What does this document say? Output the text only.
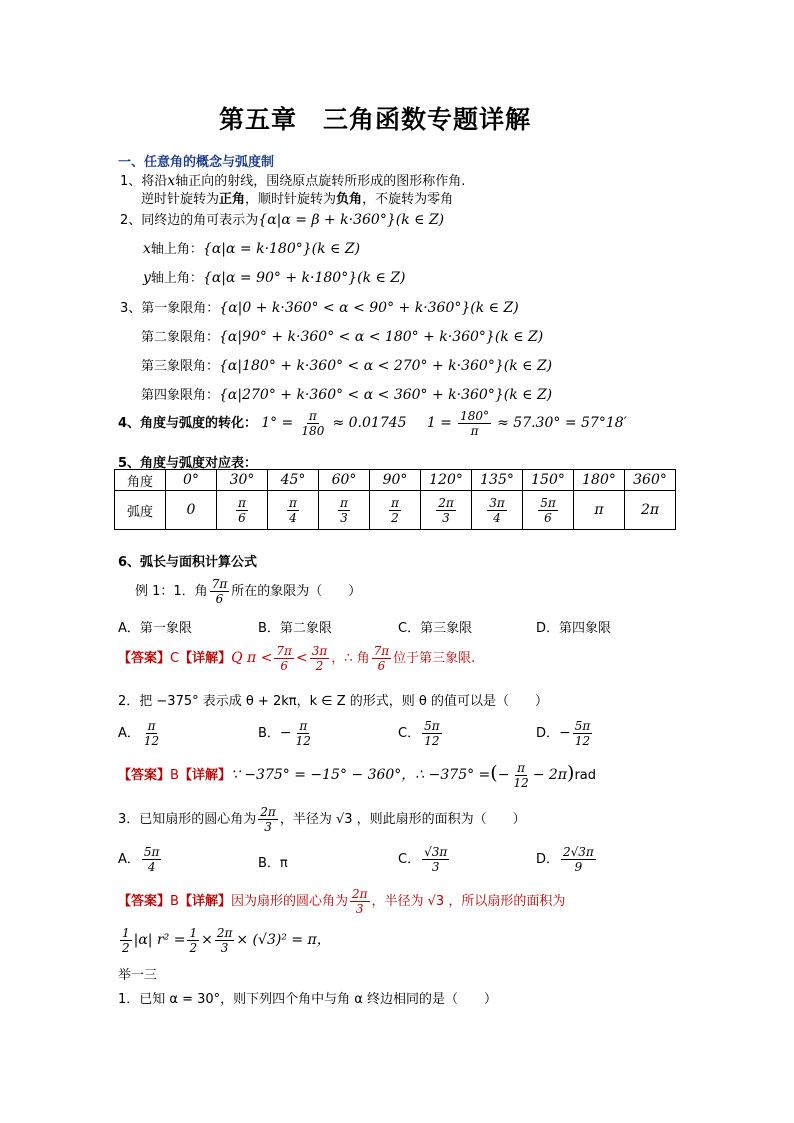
第五章　三角函数专题详解
一、任意角的概念与弧度制
1、将沿x轴正向的射线，围绕原点旋转所形成的图形称作角.
逆时针旋转为正角，顺时针旋转为负角，不旋转为零角
2、同终边的角可表示为{α|α = β + k·360°}(k ∈ Z)
x轴上角：{α|α = k·180°}(k ∈ Z)
y轴上角：{α|α = 90° + k·180°}(k ∈ Z)
3、第一象限角：{α|0 + k·360° < α < 90° + k·360°}(k ∈ Z)
第二象限角：{α|90° + k·360° < α < 180° + k·360°}(k ∈ Z)
第三象限角：{α|180° + k·360° < α < 270° + k·360°}(k ∈ Z)
第四象限角：{α|270° + k·360° < α < 360° + k·360°}(k ∈ Z)
4、角度与弧度的转化： $1^\circ = \frac{\pi}{180} \approx 0.01745$ $1 = \frac{180^\circ}{\pi} \approx 57.30^\circ = 57^\circ 18'$
5、角度与弧度对应表：
角度	0°	30°	45°	60°	90°	120°	135°	150°	180°	360°
弧度	0	$\frac{\pi}{6}$	$\frac{\pi}{4}$	$\frac{\pi}{3}$	$\frac{\pi}{2}$	$\frac{2\pi}{3}$	$\frac{3\pi}{4}$	$\frac{5\pi}{6}$	π	2π
6、弧长与面积计算公式
例 1：1．角 $\frac{7\pi}{6}$ 所在的象限为（　　）
A．第一象限	B．第二象限	C．第三象限	D．第四象限
【答案】C【详解】Q $\pi < \frac{7\pi}{6} < \frac{3\pi}{2}$ ，∴ 角 $\frac{7\pi}{6}$ 位于第三象限.
2．把 −375° 表示成 θ + 2kπ，k ∈ Z 的形式，则 θ 的值可以是（　　）
A． $\frac{\pi}{12}$	B．− $\frac{\pi}{12}$	C． $\frac{5\pi}{12}$	D．− $\frac{5\pi}{12}$
【答案】B【详解】∵ −375° = −15° − 360°，∴ −375° =(− $\frac{\pi}{12} - 2\pi)rad$
3．已知扇形的圆心角为 $\frac{2\pi}{3}$ ，半径为 √3 ，则此扇形的面积为（　　）
A． $\frac{5\pi}{4}$	B．π	C． $\frac{√3\pi}{3}$	D． $\frac{2√3\pi}{9}$
【答案】B【详解】因为扇形的圆心角为 $\frac{2\pi}{3}$ ，半径为 √3 ，所以扇形的面积为
$\frac{1}{2} |\alpha|$ $r^2 = \frac{1}{2} \times \frac{2\pi}{3} \times (√3)^2 = \pi$，
举一三
1．已知 α = 30°，则下列四个角中与角 α 终边相同的是（　　）
